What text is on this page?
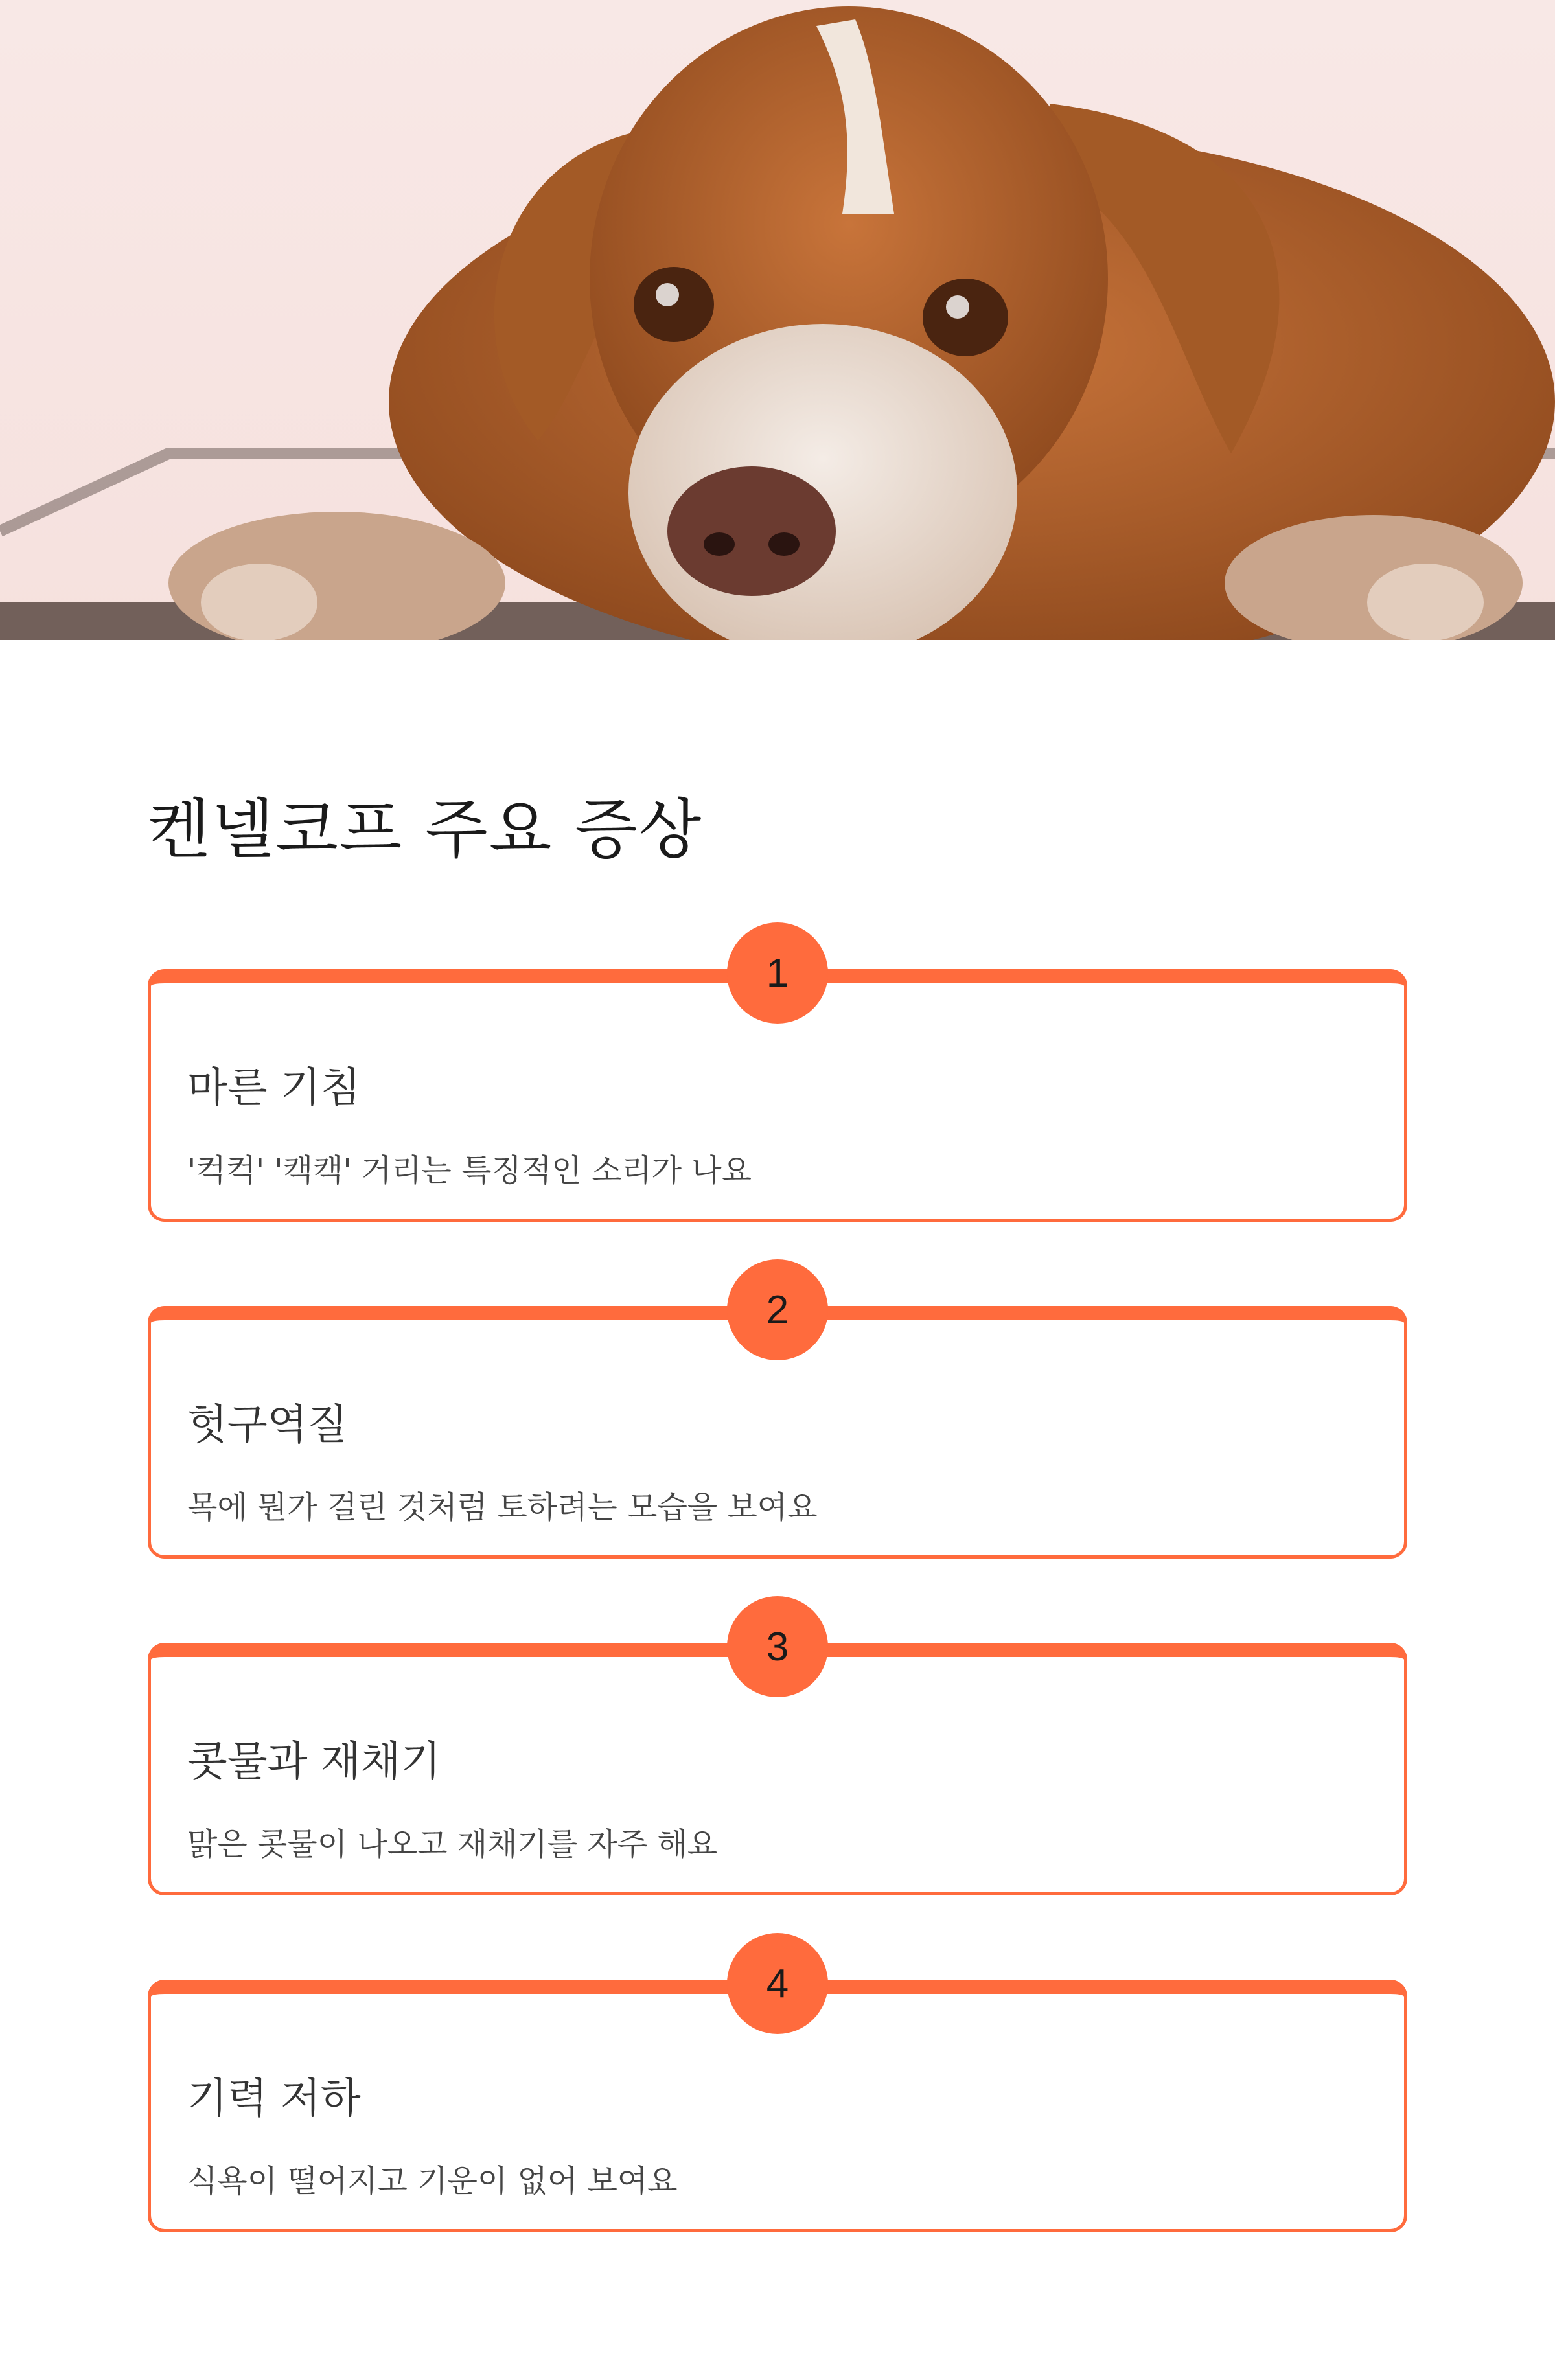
켄넬코프 주요 증상

마른 기침

'컥컥' '캑캑' 거리는 특징적인 소리가 나요

1

헛구역질

목에 뭔가 걸린 것처럼 토하려는 모습을 보여요

2

콧물과 재채기

맑은 콧물이 나오고 재채기를 자주 해요

3

기력 저하

식욕이 떨어지고 기운이 없어 보여요

4
